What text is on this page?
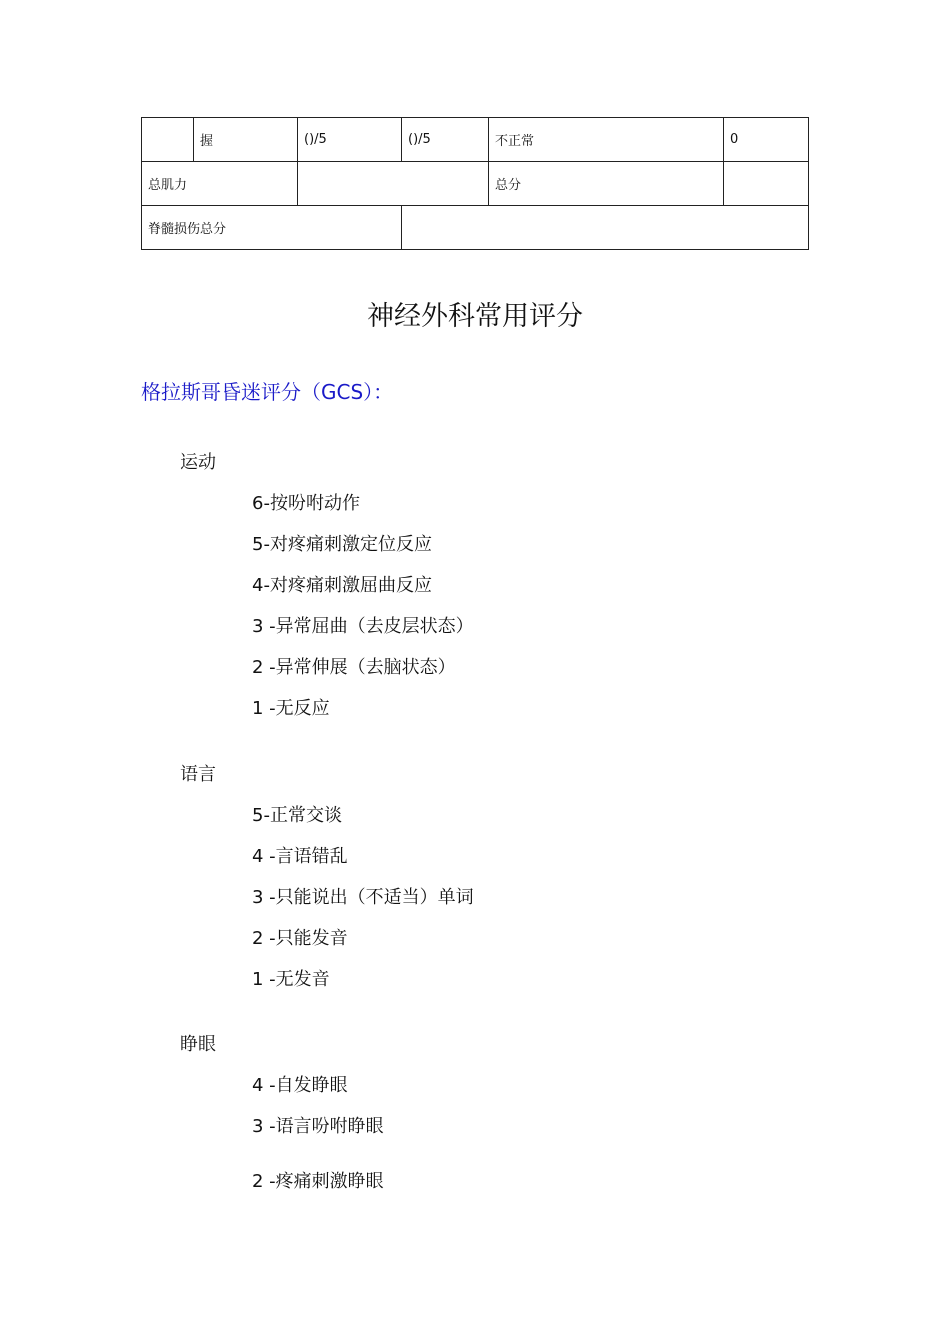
	握	()/5	()/5	不正常	0
总肌力				总分	
脊髓损伤总分					
神经外科常用评分
格拉斯哥昏迷评分（GCS）：
运动
6-按吩咐动作
5-对疼痛刺激定位反应
4-对疼痛刺激屈曲反应
3 -异常屈曲（去皮层状态）
2 -异常伸展（去脑状态）
1 -无反应
语言
5-正常交谈
4 -言语错乱
3 -只能说出（不适当）单词
2 -只能发音
1 -无发音
睁眼
4 -自发睁眼
3 -语言吩咐睁眼
2 -疼痛刺激睁眼
